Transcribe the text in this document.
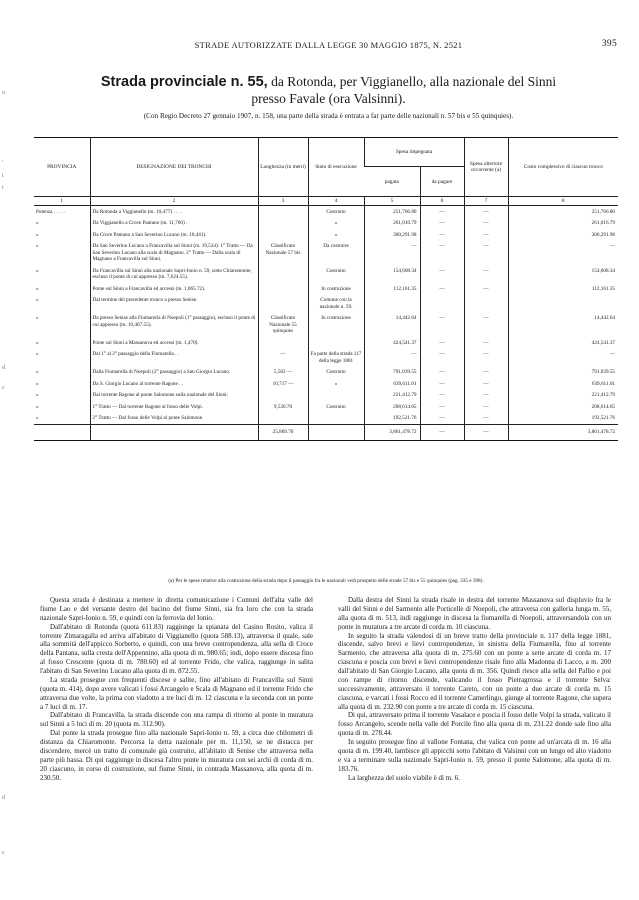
o.
'
t
i
d
c
d
c
STRADE AUTORIZZATE DALLA LEGGE 30 MAGGIO 1875, N. 2521	395
Strada provinciale n. 55, da Rotonda, per Viggianello, alla nazionale del Sinni
presso Favale (ora Valsinni).
(Con Regio Decreto 27 gennaio 1907, n. 158, una parte della strada è entrata a far parte delle nazionali n. 57 bis e 55 quinquies).
PROVINCIA	DESIGNAZIONE DEI TRONCHI	Lunghezza (in metri)	Stato di esecuzione	Spesa impegnata		Spesa ulteriore occorrente (a)	Costo complessivo di ciascun tronco
				pagata	da pagare		
1	2	3	4	5	6	7	8
Potenza . . . . .	Da Rotonda a Viggianello (m. 10,477) . . . .		Costruito	251,766.80	—	—	251,766.80
»	Da Viggianello a Croce Pantano (m. 11,760) .		»	261,016.79	—	—	261,016.79
»	Da Croce Pantano a San Severino Lucano (m. 10,441).		»	300,291.98	—	—	300,291.98
»	Da San Severino Lucano a Francavilla sul Sinni (m. 19,534): 1° Tratto — Da San Severino Lucano alla scala di Magnano. 2° Tratto — Dalla scala di Magnano a Francavilla sul Sinni.	Classificato Nazionale 57 bis	Da costruire	—	—	—	—
»	Da Francavilla sul Sinni alla nazionale Sapri-Ionio n. 59, sotto Chiaromonte, escluso il ponte di cui appresso (m. 7,624.55).		Costruito	154,608.34	—	—	154,608.34
»	Ponte sul Sinni a Francavilla ed accessi (m. 1,065.72).		In costruzione	112,161.35	—	—	112,161.35
»	Dal termine del precedente tronco a presso Senise.		Comune con la nazionale n. 59.				
»	Da presso Senise alla Fiumarella di Noepoli (1° passaggio), escluso il ponte di cui appresso (m. 10,467.55).	Classificato Nazionale 55 quinquies	In costruzione	14,442.64	—	—	14,442.64
»	Ponte sul Sinni a Massanova ed accessi (m. 1,470).			424,541.37	—	—	424,541.37
»	Dal 1° al 2° passaggio della Fiumarella . .	—	Fa parte della strada 117 della legge 1881	—	—	—	—
»	Dalla Fiumarella di Noepoli (2° passaggio) a San Giorgio Lucano.	5,582 —	Costruito	791,039.55	—	—	791,039.55
»	Da S. Giorgio Lucano al torrente Ragone . .	10,717 —	»	639,611.01	—	—	639,611.01
»	Dal torrente Ragone al ponte Salomone sulla nazionale del Sinni:			221,412.79	—	—	221,412.79
»	1° Tratto — Dal torrente Ragone al fosso delle Volpi.	9,530.70	Costruito	208,614.65	—	—	208,614.65
»	2° Tratto — Dal fosso delle Volpi al ponte Salomone.			192,521.76	—	—	192,521.76
		25,869.70		3,861,478.72	—	—	3,861,478.72
(a) Per le spese relative alla costruzione della strada dopo il passaggio fra le nazionali vedi prospetto delle strade 57 bis e 55 quinquies (pag. 335 e 398).

Questa strada è destinata a mettere in diretta comunicazione i Comuni dell'alta valle del fiume Lao e del versante destro del bacino del fiume Sinni, sia fra loro che con la strada nazionale Sapri-Ionio n. 59, e quindi con la ferrovia del Ionio.

Dall'abitato di Rotonda (quota 611.83) raggiunge la spianata del Casino Rosito, valica il torrente Zimaragalla ed arriva all'abitato di Viggianello (quota 588.13), attraversa il quale, sale alla sommità dell'appicco Sorberto, e quindi, con una breve contropendenza, alla sella di Croce della Pantana, sulla cresta dell'Appennino, alla quota di m. 980.65; indi, dopo essere discesa fino al fosso Crescente (quota di m. 780.60) ed al torrente Frido, che valica, raggiunge in salita l'abitato di San Severino Lucano alla quota di m. 872.55.

La strada prosegue con frequenti discese e salite, fino all'abitato di Francavilla sul Sinni (quota m. 414), dopo avere valicati i fossi Arcangelo e Scala di Magnano ed il torrente Frido che attraversa due volte, la prima con viadotto a tre luci di m. 12 ciascuna e la seconda con un ponte a 7 luci di m. 17.

Dall'abitato di Francavilla, la strada discende con una rampa di ritorno al ponte in muratura sul Sinni a 5 luci di m. 20 (quota m. 312.90).

Dal ponte la strada prosegue fino alla nazionale Sapri-Ionio n. 59, a circa due chilometri di distanza da Chiaromonte. Percorsa la detta nazionale per m. 11,150, se ne distacca per discendere, mercè un tratto di comunale già costruito, all'abitato di Senise che attraversa nella parte più bassa. Di qui raggiunge in discesa l'altro ponte in muratura con sei archi di corda di m. 20 ciascuno, in corso di costruzione, sul fiume Sinni, in contrada Massanova, alla quota di m. 230.50.

Dalla destra del Sinni la strada risale in destra del torrente Massanova sul displuvio fra le valli del Sinni e del Sarmento alle Porticelle di Noepoli, che attraversa con galleria lunga m. 55, alla quota di m. 513, indi raggiunge in discesa la fiumarella di Noepoli, attraversandola con un ponte in muratura a tre arcate di corda m. 10 ciascuna.

In seguito la strada valendosi di un breve tratto della provinciale n. 117 della legge 1881, discende, salvo brevi e lievi contropendenze, in sinistra della Fiumarella, fino al torrente Sarmento, che attraversa alla quota di m. 275.60 con un ponte a sette arcate di corda m. 17 ciascuna e poscia con brevi e lievi contropendenze risale fino alla Madonna di Lacco, a m. 200 dall'abitato di San Giorgio Lucano, alla quota di m. 356. Quindi riesce alla sella del Pallio e poi con rampe di ritorno discende, valicando il fosso Pietragrossa e il torrente Selva: successivamente, attraversato il torrente Careto, con un ponte a due arcate di corda m. 15 ciascuna, e varcati i fossi Rocco ed il torrente Camerlingo, giunge al torrente Ragone, che supera alla quota di m. 232.90 con ponte a tre arcate di corda m. 15 ciascuna.

Di qui, attraversato prima il torrente Vasalace e poscia il fosso delle Volpi la strada, valicato il fosso Arcangelo, scende nella valle del Porcile fino alla quota di m. 231.22 donde sale fino alla quota di m. 278.44.

In seguito prosegue fino al vallone Fontana, che valica con ponte ad un'arcata di m. 16 alla quota di m. 199.40, lambisce gli appicchi sotto l'abitato di Valsinni con un lungo ed alto viadotto e va a terminare sulla nazionale Sapri-Ionio n. 59, presso il ponte Salomone, alla quota di m. 183.76.

La larghezza del suolo viabile è di m. 6.
